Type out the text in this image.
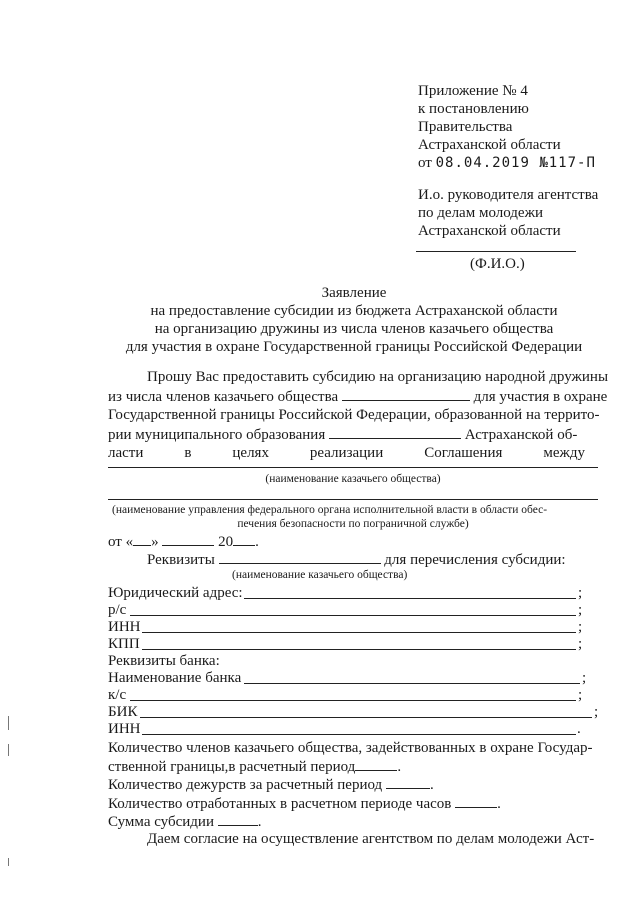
Приложение № 4
к постановлению
Правительства
Астраханской области
от 08.04.2019 №117-П
И.о. руководителя агентства
по делам молодежи
Астраханской области
(Ф.И.О.)
Заявление
на предоставление субсидии из бюджета Астраханской области
на организацию дружины из числа членов казачьего общества
для участия в охране Государственной границы Российской Федерации
Прошу Вас предоставить субсидию на организацию народной дружины
из числа членов казачьего общества	для участия в охране
Государственной границы Российской Федерации, образованной на террито-
рии муниципального образования	Астраханской об-
ласти	в	целях	реализации	Соглашения	между
(наименование казачьего общества)
(наименование управления федерального органа исполнительной власти в области обес-
печения безопасности по пограничной службе)
от « »	20 .
Реквизиты	для перечисления субсидии:
(наименование казачьего общества)
Юридический адрес:	;
р/с	;
ИНН	;
КПП	;
Реквизиты банка:
Наименование банка	;
к/с	;
БИК	;
ИНН	.
Количество членов казачьего общества, задействованных в охране Государ-
ственной границы,в расчетный период	.
Количество дежурств за расчетный период	.
Количество отработанных в расчетном периоде часов	.
Сумма субсидии	.
Даем согласие на осуществление агентством по делам молодежи Аст-
